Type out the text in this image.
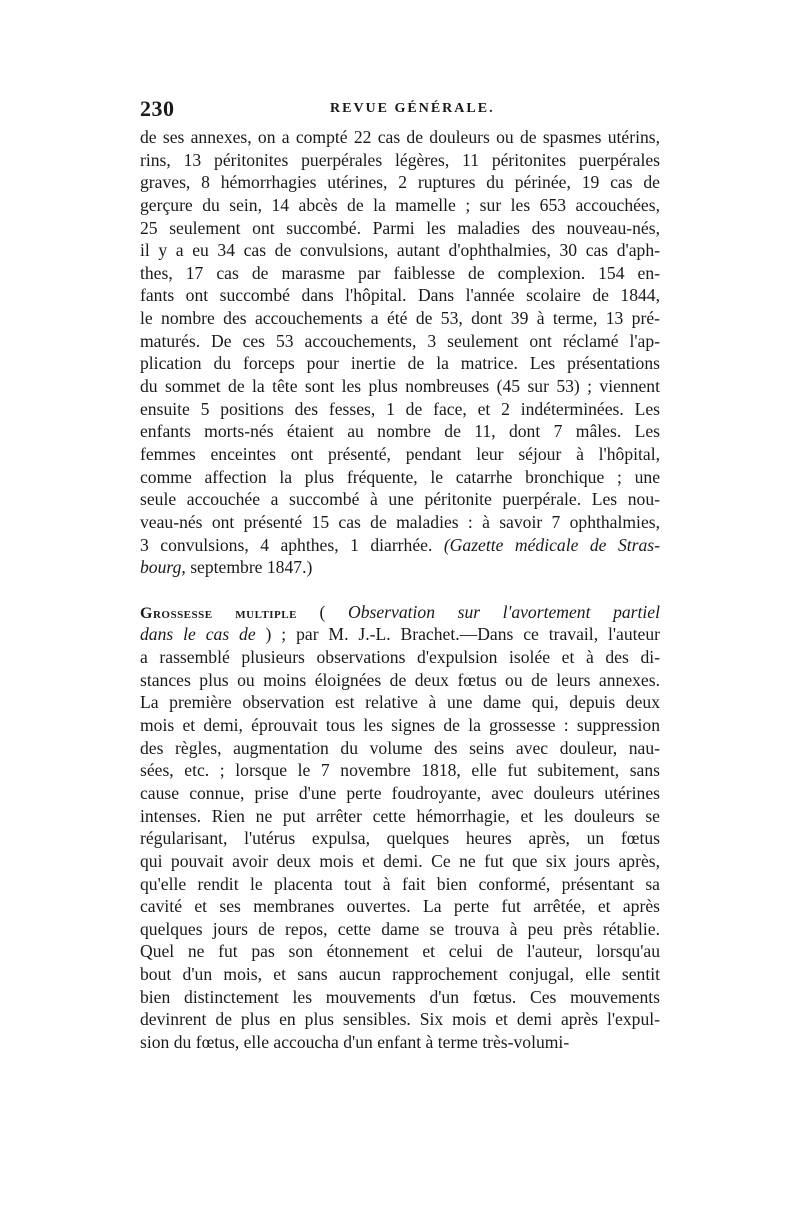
230	REVUE GÉNÉRALE.
de ses annexes, on a compté 22 cas de douleurs ou de spasmes utérins,
rins, 13 péritonites puerpérales légères, 11 péritonites puerpérales
graves, 8 hémorrhagies utérines, 2 ruptures du périnée, 19 cas de
gerçure du sein, 14 abcès de la mamelle ; sur les 653 accouchées,
25 seulement ont succombé. Parmi les maladies des nouveau-nés,
il y a eu 34 cas de convulsions, autant d'ophthalmies, 30 cas d'aph-
thes, 17 cas de marasme par faiblesse de complexion. 154 en-
fants ont succombé dans l'hôpital. Dans l'année scolaire de 1844,
le nombre des accouchements a été de 53, dont 39 à terme, 13 pré-
maturés. De ces 53 accouchements, 3 seulement ont réclamé l'ap-
plication du forceps pour inertie de la matrice. Les présentations
du sommet de la tête sont les plus nombreuses (45 sur 53) ; viennent
ensuite 5 positions des fesses, 1 de face, et 2 indéterminées. Les
enfants morts-nés étaient au nombre de 11, dont 7 mâles. Les
femmes enceintes ont présenté, pendant leur séjour à l'hôpital,
comme affection la plus fréquente, le catarrhe bronchique ; une
seule accouchée a succombé à une péritonite puerpérale. Les nou-
veau-nés ont présenté 15 cas de maladies : à savoir 7 ophthalmies,
3 convulsions, 4 aphthes, 1 diarrhée. (Gazette médicale de Stras-
bourg, septembre 1847.)
Grossesse multiple ( Observation sur l'avortement partiel
dans le cas de ) ; par M. J.-L. Brachet.—Dans ce travail, l'auteur
a rassemblé plusieurs observations d'expulsion isolée et à des di-
stances plus ou moins éloignées de deux fœtus ou de leurs annexes.
La première observation est relative à une dame qui, depuis deux
mois et demi, éprouvait tous les signes de la grossesse : suppression
des règles, augmentation du volume des seins avec douleur, nau-
sées, etc. ; lorsque le 7 novembre 1818, elle fut subitement, sans
cause connue, prise d'une perte foudroyante, avec douleurs utérines
intenses. Rien ne put arrêter cette hémorrhagie, et les douleurs se
régularisant, l'utérus expulsa, quelques heures après, un fœtus
qui pouvait avoir deux mois et demi. Ce ne fut que six jours après,
qu'elle rendit le placenta tout à fait bien conformé, présentant sa
cavité et ses membranes ouvertes. La perte fut arrêtée, et après
quelques jours de repos, cette dame se trouva à peu près rétablie.
Quel ne fut pas son étonnement et celui de l'auteur, lorsqu'au
bout d'un mois, et sans aucun rapprochement conjugal, elle sentit
bien distinctement les mouvements d'un fœtus. Ces mouvements
devinrent de plus en plus sensibles. Six mois et demi après l'expul-
sion du fœtus, elle accoucha d'un enfant à terme très-volumi-
